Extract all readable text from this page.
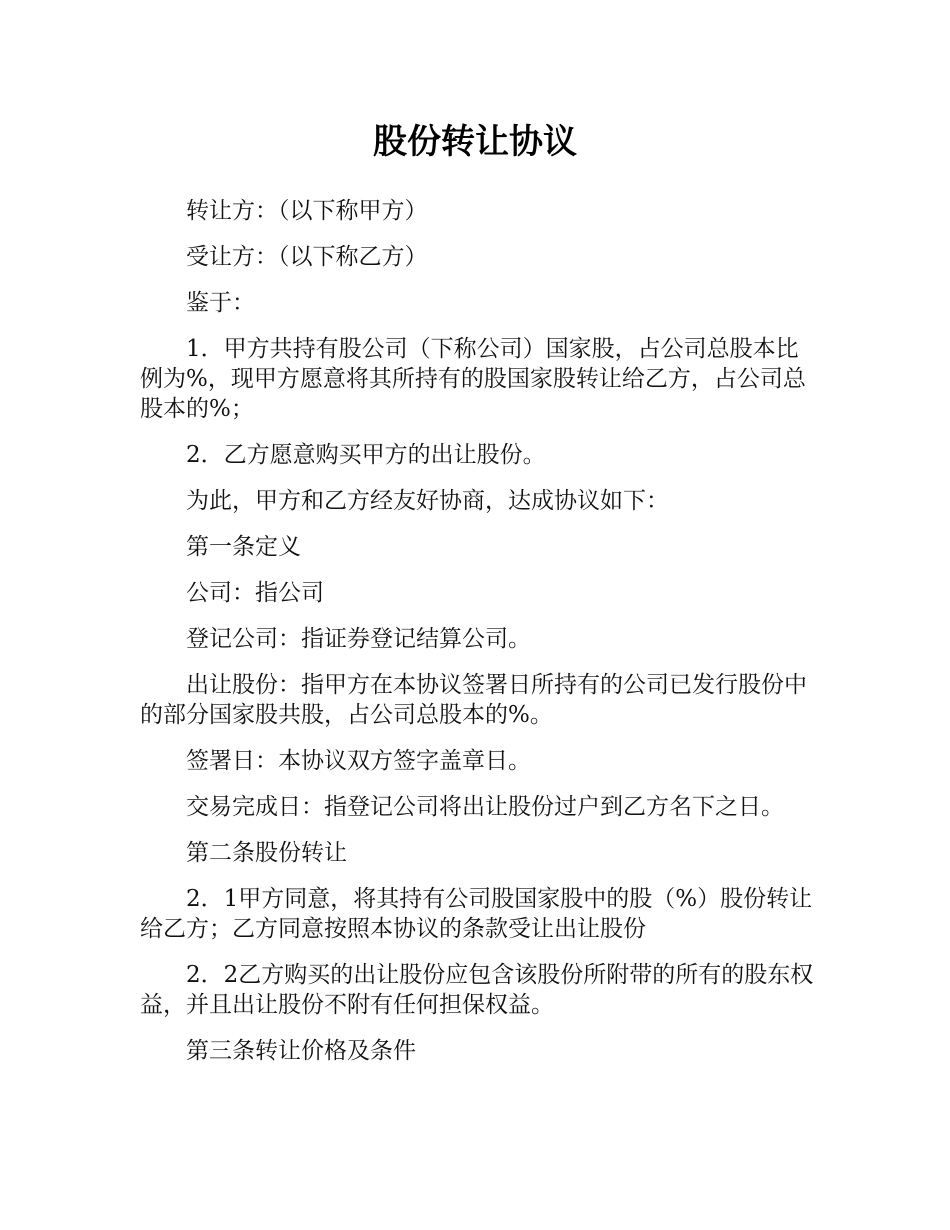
股份转让协议

转让方：（以下称甲方）

受让方：（以下称乙方）

鉴于：

1．甲方共持有股公司（下称公司）国家股，占公司总股本比例为%，现甲方愿意将其所持有的股国家股转让给乙方，占公司总股本的%；

2．乙方愿意购买甲方的出让股份。

为此，甲方和乙方经友好协商，达成协议如下：

第一条定义

公司：指公司

登记公司：指证券登记结算公司。

出让股份：指甲方在本协议签署日所持有的公司已发行股份中的部分国家股共股，占公司总股本的%。

签署日：本协议双方签字盖章日。

交易完成日：指登记公司将出让股份过户到乙方名下之日。

第二条股份转让

2．1甲方同意，将其持有公司股国家股中的股（%）股份转让给乙方；乙方同意按照本协议的条款受让出让股份

2．2乙方购买的出让股份应包含该股份所附带的所有的股东权益，并且出让股份不附有任何担保权益。

第三条转让价格及条件
